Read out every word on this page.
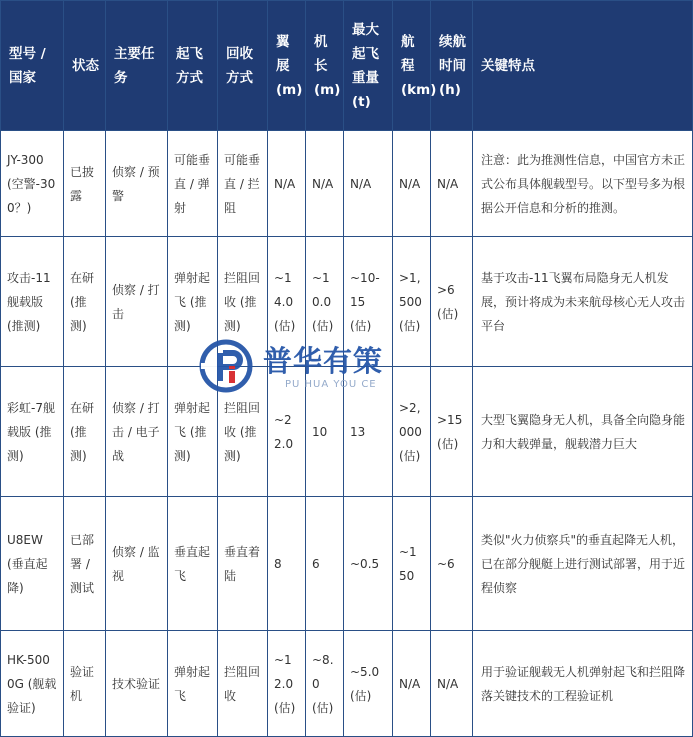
型号 / 国家	状态	主要任务	起飞方式	回收方式	翼展(m)	机长(m)	最大起飞重量(t)	航程(km)	续航时间(h)	关键特点
JY-300 (空警-300？)	已披露	侦察 / 预警	可能垂直 / 弹射	可能垂直 / 拦阻	N/A	N/A	N/A	N/A	N/A	注意：此为推测性信息，中国官方未正式公布具体舰载型号。以下型号多为根据公开信息和分析的推测。
攻击-11舰载版 (推测)	在研 (推测)	侦察 / 打击	弹射起飞 (推测)	拦阻回收 (推测)	~14.0(估)	~10.0(估)	~10-15(估)	>1,500(估)	>6(估)	基于攻击-11飞翼布局隐身无人机发展，预计将成为未来航母核心无人攻击平台
彩虹-7舰载版 (推测)	在研 (推测)	侦察 / 打击 / 电子战	弹射起飞 (推测)	拦阻回收 (推测)	~22.0	10	13	>2,000(估)	>15(估)	大型飞翼隐身无人机，具备全向隐身能力和大载弹量，舰载潜力巨大
U8EW (垂直起降)	已部署 / 测试	侦察 / 监视	垂直起飞	垂直着陆	8	6	~0.5	~150	~6	类似"火力侦察兵"的垂直起降无人机，已在部分舰艇上进行测试部署，用于近程侦察
HK-5000G (舰载验证)	验证机	技术验证	弹射起飞	拦阻回收	~12.0(估)	~8.0(估)	~5.0(估)	N/A	N/A	用于验证舰载无人机弹射起飞和拦阻降落关键技术的工程验证机
普华有策
PU HUA YOU CE
